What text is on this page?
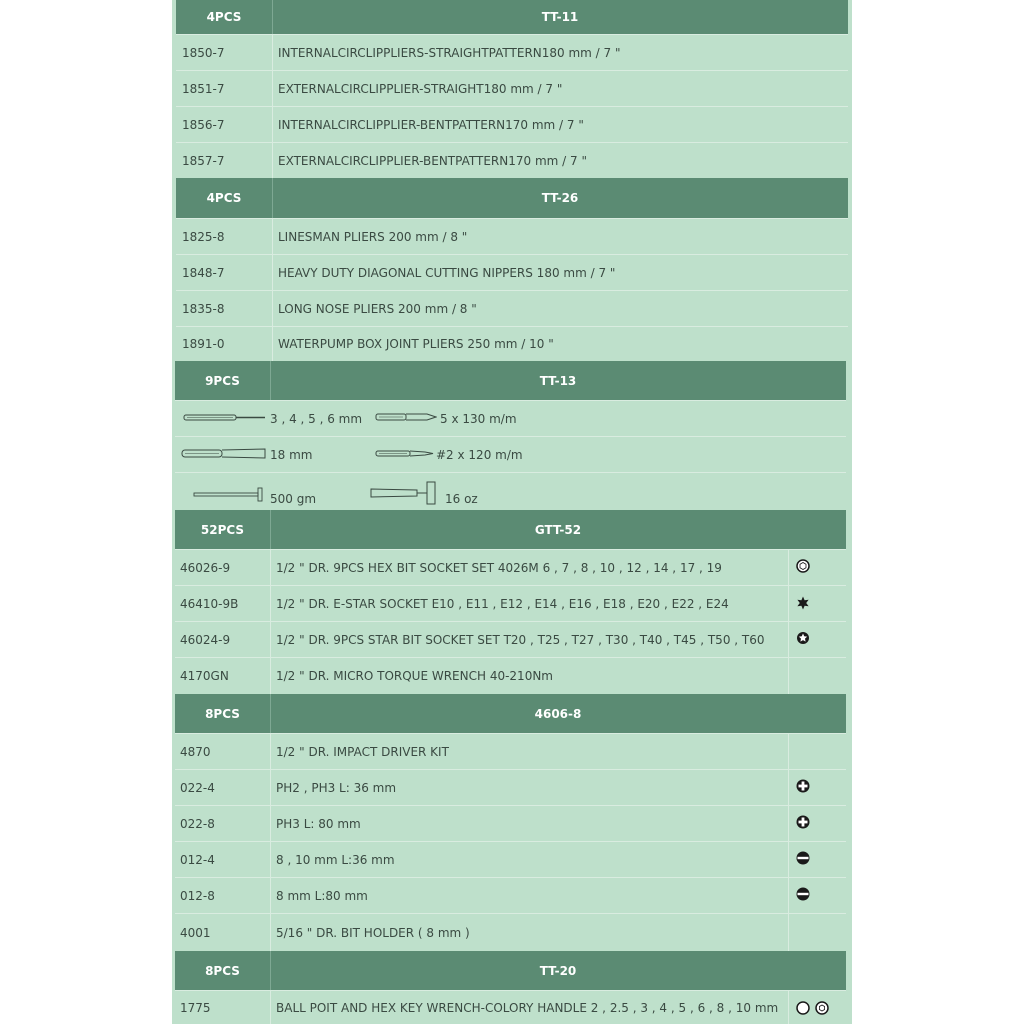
4PCS	TT-11
1850-7	INTERNALCIRCLIPPLIERS-STRAIGHTPATTERN180 mm / 7 "
1851-7	EXTERNALCIRCLIPPLIER-STRAIGHT180 mm / 7 "
1856-7	INTERNALCIRCLIPPLIER-BENTPATTERN170 mm / 7 "
1857-7	EXTERNALCIRCLIPPLIER-BENTPATTERN170 mm / 7 "
4PCS	TT-26
1825-8	LINESMAN PLIERS 200 mm / 8 "
1848-7	HEAVY DUTY DIAGONAL CUTTING NIPPERS 180 mm / 7 "
1835-8	LONG NOSE PLIERS 200 mm / 8 "
1891-0	WATERPUMP BOX JOINT PLIERS 250 mm / 10 "
9PCS	TT-13
3 , 4 , 5 , 6 mm	5 x 130 m/m
18 mm	#2 x 120 m/m
500 gm	16 oz
52PCS	GTT-52
46026-9	1/2 " DR. 9PCS HEX BIT SOCKET SET 4026M 6 , 7 , 8 , 10 , 12 , 14 , 17 , 19
46410-9B	1/2 " DR. E-STAR SOCKET E10 , E11 , E12 , E14 , E16 , E18 , E20 , E22 , E24
46024-9	1/2 " DR. 9PCS STAR BIT SOCKET SET T20 , T25 , T27 , T30 , T40 , T45 , T50 , T60
4170GN	1/2 " DR. MICRO TORQUE WRENCH 40-210Nm
8PCS	4606-8
4870	1/2 " DR. IMPACT DRIVER KIT
022-4	PH2 , PH3 L: 36 mm
022-8	PH3 L: 80 mm
012-4	8 , 10 mm L:36 mm
012-8	8 mm L:80 mm
4001	5/16 " DR. BIT HOLDER ( 8 mm )
8PCS	TT-20
1775	BALL POIT AND HEX KEY WRENCH-COLORY HANDLE 2 , 2.5 , 3 , 4 , 5 , 6 , 8 , 10 mm
